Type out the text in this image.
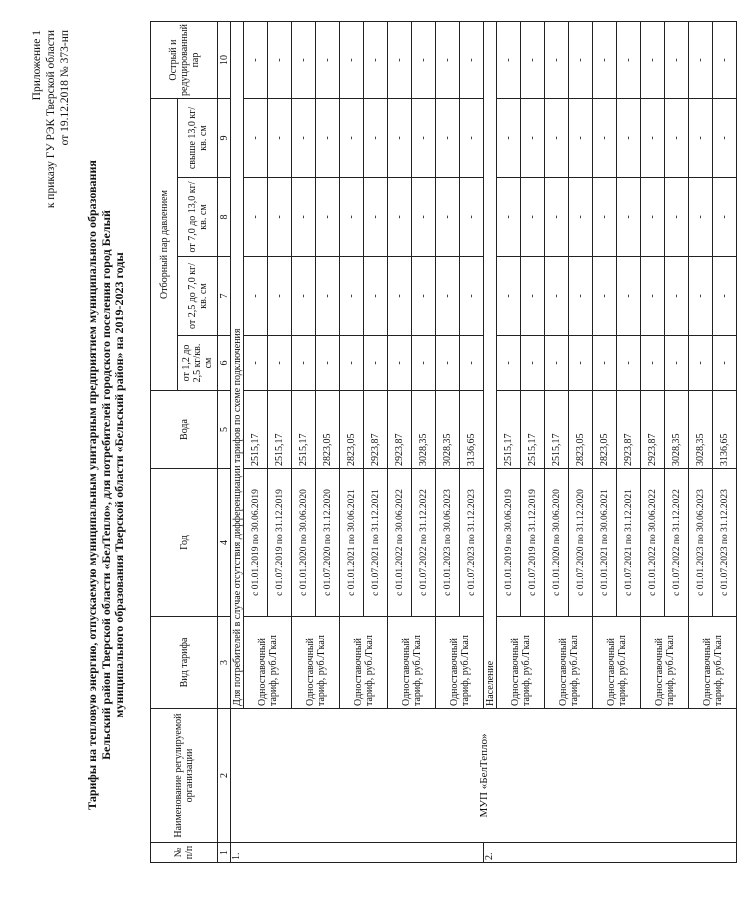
Приложение 1 к приказу ГУ РЭК Тверской области от 19.12.2018 № 373-нп
Тарифы на тепловую энергию, отпускаемую муниципальным унитарным предприятием муниципального образования Бельский район Тверской области «БелТепло», для потребителей городского поселения город Белый муниципального образования Тверской области «Бельский район» на 2019-2023 годы
№ п/п	Наименование регулируемой организации	Вид тарифа	Год	Вода	Отборный пар давлением				Острый и редуцированный пар
					от 1,2 до 2,5 кг/кв. см	от 2,5 до 7,0 кг/кв. см	от 7,0 до 13,0 кг/кв. см	свыше 13,0 кг/кв. см	
1	2	3	4	5	6	7	8	9	10
1.	МУП «БелТепло»	Для потребителей в случае отсутствия дифференциации тарифов по схеме подключения							
		Одноставочный тариф, руб./Гкал	с 01.01.2019 по 30.06.2019	2515,17	-	-	-	-	-
			с 01.07.2019 по 31.12.2019	2515,17	-	-	-	-	-
		Одноставочный тариф, руб./Гкал	с 01.01.2020 по 30.06.2020	2515,17	-	-	-	-	-
			с 01.07.2020 по 31.12.2020	2823,05	-	-	-	-	-
		Одноставочный тариф, руб./Гкал	с 01.01.2021 по 30.06.2021	2823,05	-	-	-	-	-
			с 01.07.2021 по 31.12.2021	2923,87	-	-	-	-	-
		Одноставочный тариф, руб./Гкал	с 01.01.2022 по 30.06.2022	2923,87	-	-	-	-	-
			с 01.07.2022 по 31.12.2022	3028,35	-	-	-	-	-
		Одноставочный тариф, руб./Гкал	с 01.01.2023 по 30.06.2023	3028,35	-	-	-	-	-
			с 01.07.2023 по 31.12.2023	3136,65	-	-	-	-	-
2.		Население							
		Одноставочный тариф, руб./Гкал	с 01.01.2019 по 30.06.2019	2515,17	-	-	-	-	-
			с 01.07.2019 по 31.12.2019	2515,17	-	-	-	-	-
		Одноставочный тариф, руб./Гкал	с 01.01.2020 по 30.06.2020	2515,17	-	-	-	-	-
			с 01.07.2020 по 31.12.2020	2823,05	-	-	-	-	-
		Одноставочный тариф, руб./Гкал	с 01.01.2021 по 30.06.2021	2823,05	-	-	-	-	-
			с 01.07.2021 по 31.12.2021	2923,87	-	-	-	-	-
		Одноставочный тариф, руб./Гкал	с 01.01.2022 по 30.06.2022	2923,87	-	-	-	-	-
			с 01.07.2022 по 31.12.2022	3028,35	-	-	-	-	-
		Одноставочный тариф, руб./Гкал	с 01.01.2023 по 30.06.2023	3028,35	-	-	-	-	-
			с 01.07.2023 по 31.12.2023	3136,65	-	-	-	-	-
